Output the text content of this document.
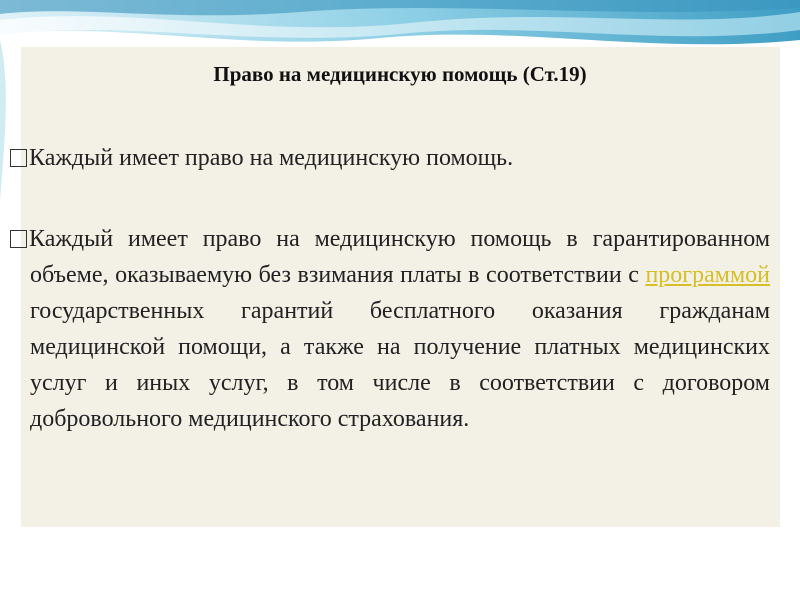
Право на медицинскую помощь (Ст.19)

Каждый имеет право на медицинскую помощь.

Каждый имеет право на медицинскую помощь в гарантированном объеме, оказываемую без взимания платы в соответствии с программой государственных гарантий бесплатного оказания гражданам медицинской помощи, а также на получение платных медицинских услуг и иных услуг, в том числе в соответствии с договором добровольного медицинского страхования.
